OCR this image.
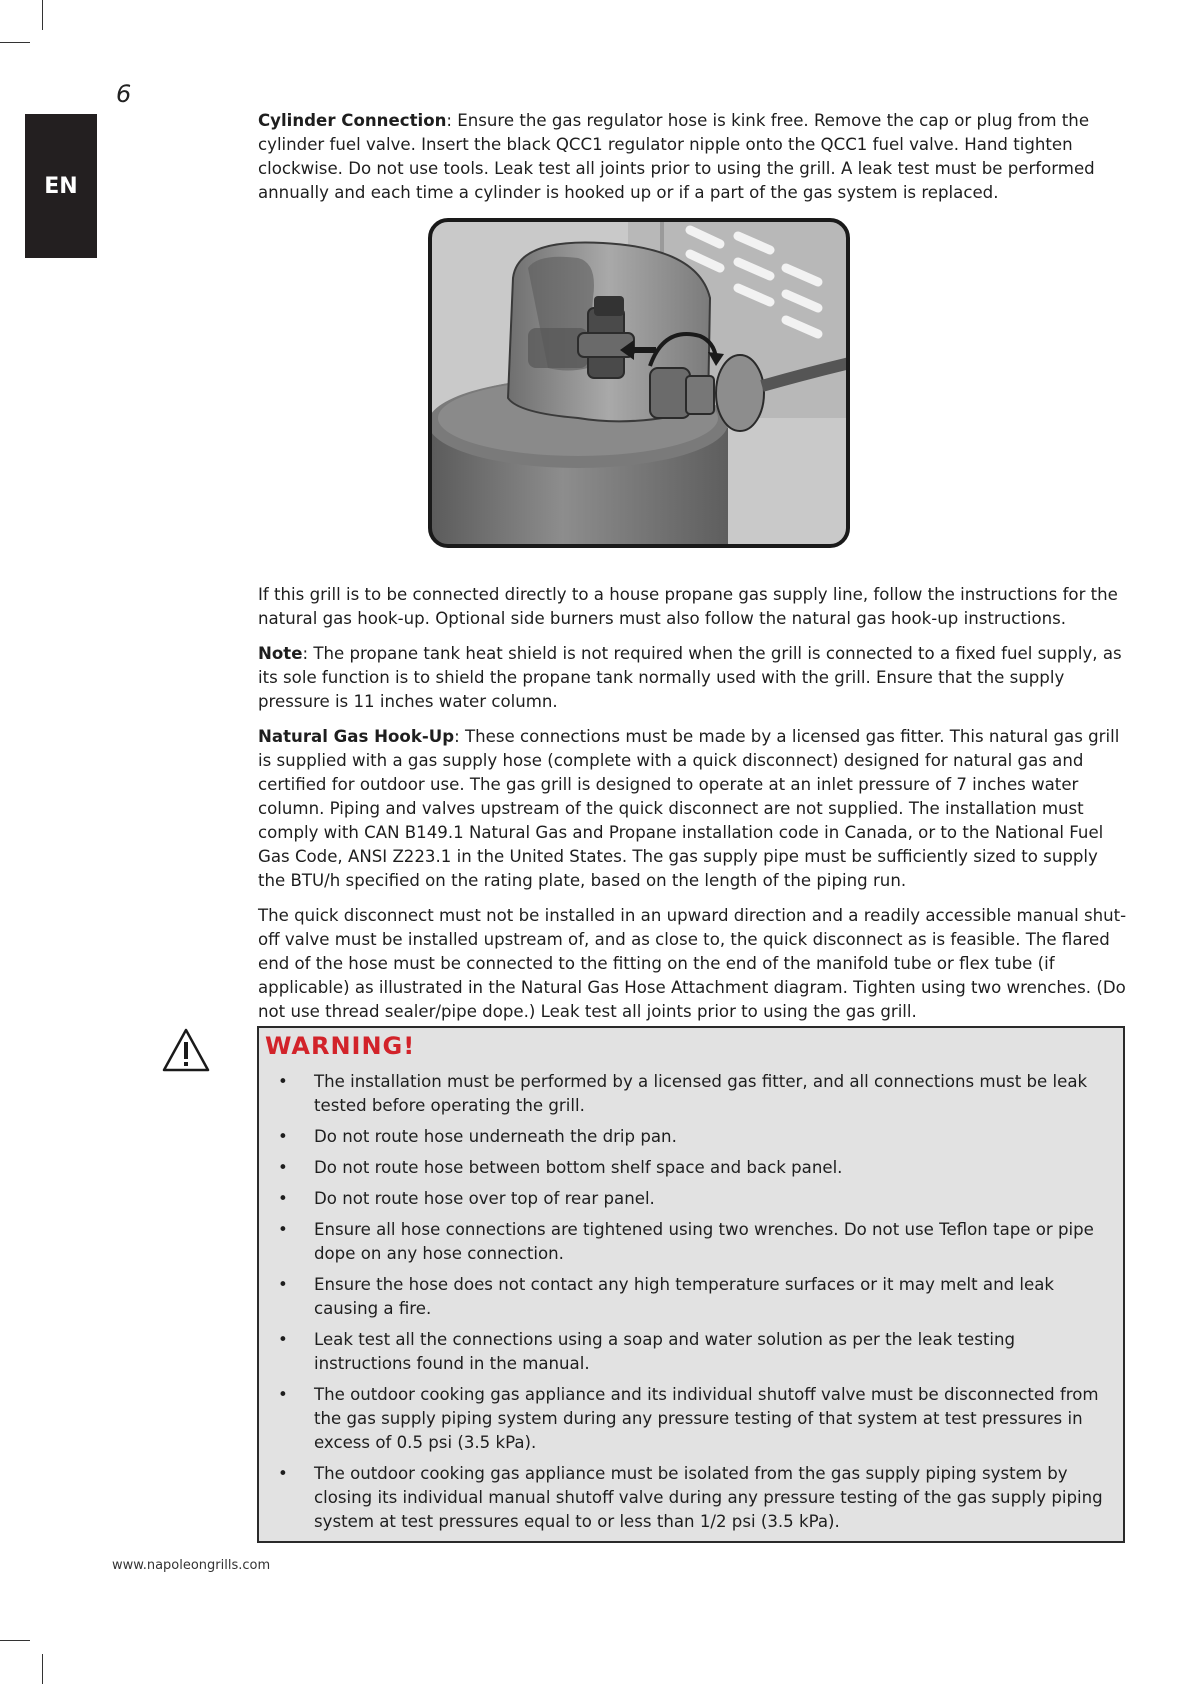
6
EN

Cylinder Connection: Ensure the gas regulator hose is kink free. Remove the cap or plug from the cylinder fuel valve. Insert the black QCC1 regulator nipple onto the QCC1 fuel valve. Hand tighten clockwise. Do not use tools. Leak test all joints prior to using the grill. A leak test must be performed annually and each time a cylinder is hooked up or if a part of the gas system is replaced.

If this grill is to be connected directly to a house propane gas supply line, follow the instructions for the natural gas hook-up. Optional side burners must also follow the natural gas hook-up instructions.

Note: The propane tank heat shield is not required when the grill is connected to a fixed fuel supply, as its sole function is to shield the propane tank normally used with the grill. Ensure that the supply pressure is 11 inches water column.

Natural Gas Hook-Up: These connections must be made by a licensed gas fitter. This natural gas grill is supplied with a gas supply hose (complete with a quick disconnect) designed for natural gas and certified for outdoor use. The gas grill is designed to operate at an inlet pressure of 7 inches water column. Piping and valves upstream of the quick disconnect are not supplied. The installation must comply with CAN B149.1 Natural Gas and Propane installation code in Canada, or to the National Fuel Gas Code, ANSI Z223.1 in the United States. The gas supply pipe must be sufficiently sized to supply the BTU/h specified on the rating plate, based on the length of the piping run.

The quick disconnect must not be installed in an upward direction and a readily accessible manual shut-off valve must be installed upstream of, and as close to, the quick disconnect as is feasible. The flared end of the hose must be connected to the fitting on the end of the manifold tube or flex tube (if applicable) as illustrated in the Natural Gas Hose Attachment diagram. Tighten using two wrenches. (Do not use thread sealer/pipe dope.) Leak test all joints prior to using the gas grill.

WARNING!
• The installation must be performed by a licensed gas fitter, and all connections must be leak tested before operating the grill.
• Do not route hose underneath the drip pan.
• Do not route hose between bottom shelf space and back panel.
• Do not route hose over top of rear panel.
• Ensure all hose connections are tightened using two wrenches. Do not use Teflon tape or pipe dope on any hose connection.
• Ensure the hose does not contact any high temperature surfaces or it may melt and leak causing a fire.
• Leak test all the connections using a soap and water solution as per the leak testing instructions found in the manual.
• The outdoor cooking gas appliance and its individual shutoff valve must be disconnected from the gas supply piping system during any pressure testing of that system at test pressures in excess of 0.5 psi (3.5 kPa).
• The outdoor cooking gas appliance must be isolated from the gas supply piping system by closing its individual manual shutoff valve during any pressure testing of the gas supply piping system at test pressures equal to or less than 1/2 psi (3.5 kPa).
www.napoleongrills.com
